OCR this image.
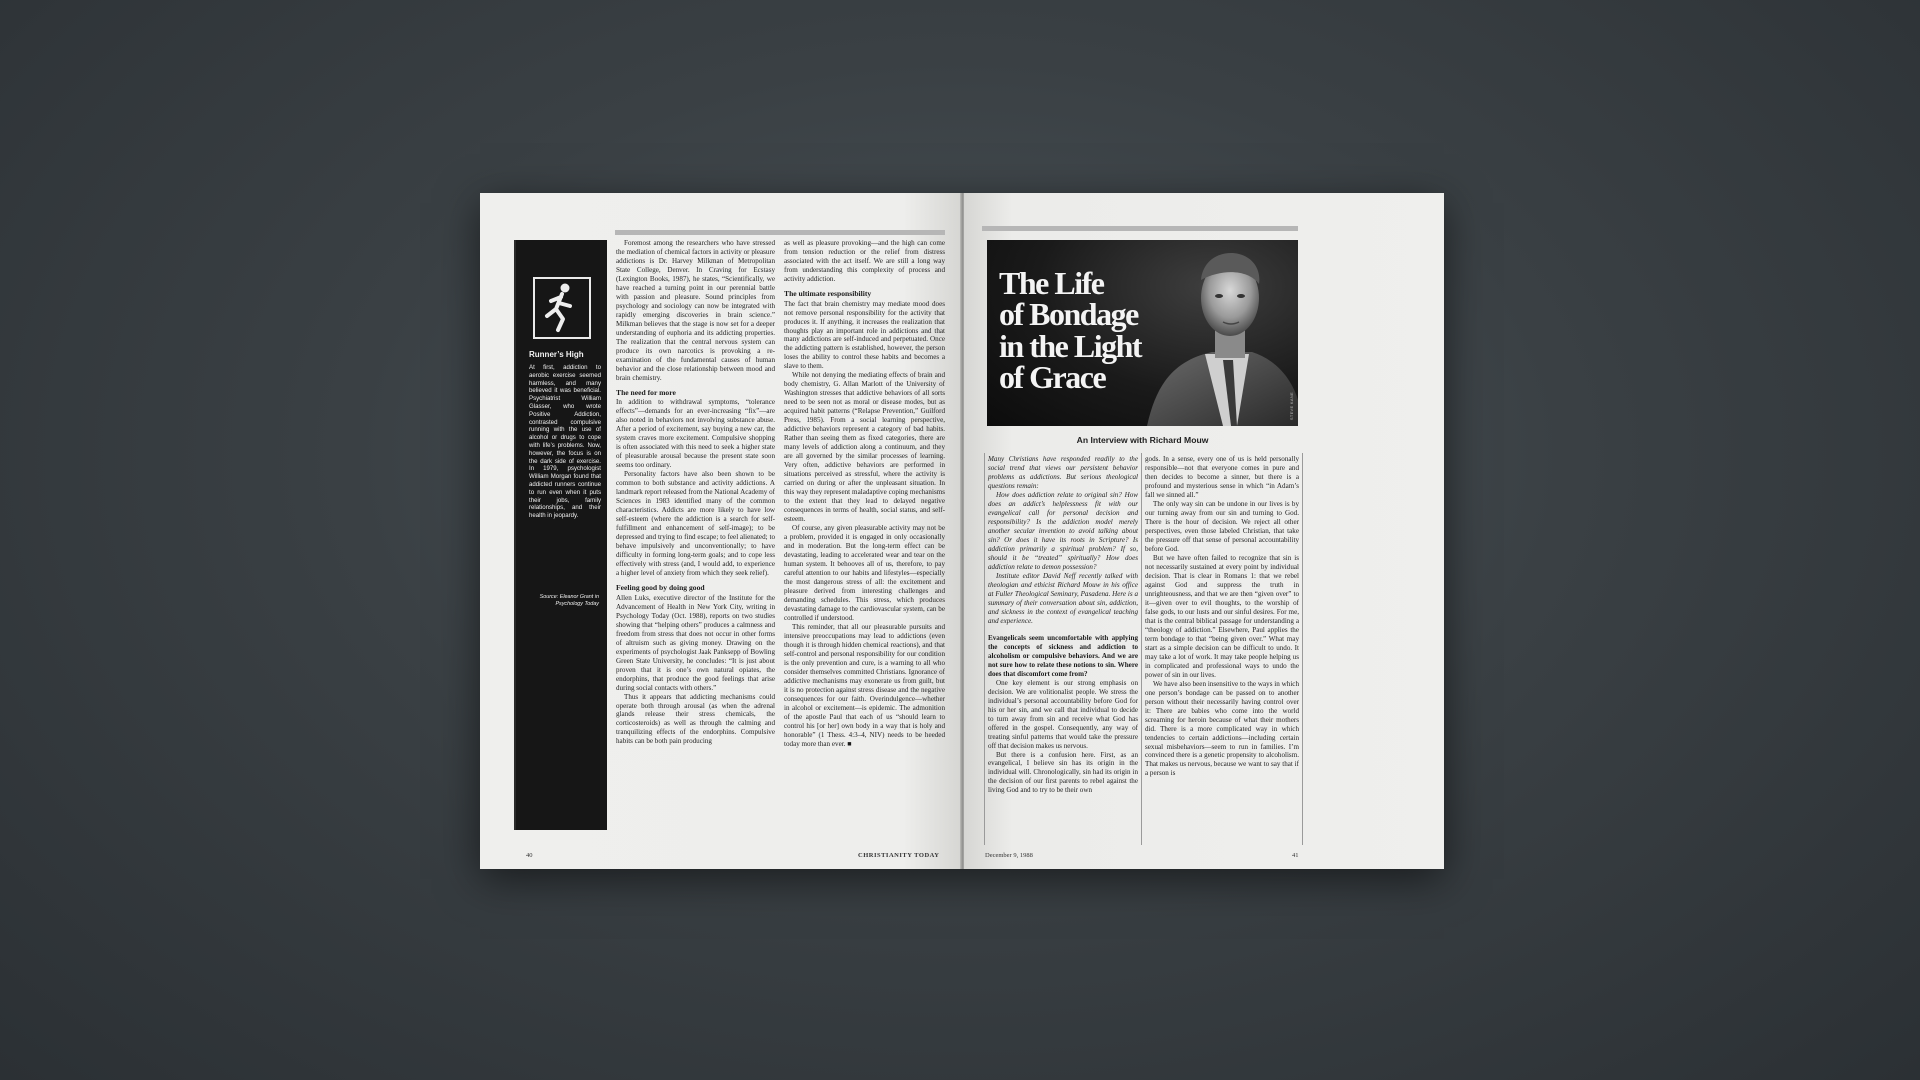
Runner’s High
At first, addiction to aerobic exercise seemed harmless, and many believed it was beneficial. Psychiatrist William Glasser, who wrote Positive Addiction, contrasted compulsive running with the use of alcohol or drugs to cope with life’s problems. Now, however, the focus is on the dark side of exercise. In 1979, psychologist William Morgan found that addicted runners continue to run even when it puts their jobs, family relationships, and their health in jeopardy.
Source: Eleanor Grant in Psychology Today

Foremost among the researchers who have stressed the mediation of chemical factors in activity or pleasure addictions is Dr. Harvey Milkman of Metropolitan State College, Denver. In Craving for Ecstasy (Lexington Books, 1987), he states, “Scientifically, we have reached a turning point in our perennial battle with passion and pleasure. Sound principles from psychology and sociology can now be integrated with rapidly emerging discoveries in brain science.” Milkman believes that the stage is now set for a deeper understanding of euphoria and its addicting properties. The realization that the central nervous system can produce its own narcotics is provoking a re-examination of the fundamental causes of human behavior and the close relationship between mood and brain chemistry.

The need for more

In addition to withdrawal symptoms, “tolerance effects”—demands for an ever-increasing “fix”—are also noted in behaviors not involving substance abuse. After a period of excitement, say buying a new car, the system craves more excitement. Compulsive shopping is often associated with this need to seek a higher state of pleasurable arousal because the present state soon seems too ordinary.

Personality factors have also been shown to be common to both substance and activity addictions. A landmark report released from the National Academy of Sciences in 1983 identified many of the common characteristics. Addicts are more likely to have low self-esteem (where the addiction is a search for self-fulfillment and enhancement of self-image); to be depressed and trying to find escape; to feel alienated; to behave impulsively and unconventionally; to have difficulty in forming long-term goals; and to cope less effectively with stress (and, I would add, to experience a higher level of anxiety from which they seek relief).

Feeling good by doing good

Allen Luks, executive director of the Institute for the Advancement of Health in New York City, writing in Psychology Today (Oct. 1988), reports on two studies showing that “helping others” produces a calmness and freedom from stress that does not occur in other forms of altruism such as giving money. Drawing on the experiments of psychologist Jaak Panksepp of Bowling Green State University, he concludes: “It is just about proven that it is one’s own natural opiates, the endorphins, that produce the good feelings that arise during social contacts with others.”

Thus it appears that addicting mechanisms could operate both through arousal (as when the adrenal glands release their stress chemicals, the corticosteroids) as well as through the calming and tranquilizing effects of the endorphins. Compulsive habits can be both pain producing

as well as pleasure provoking—and the high can come from tension reduction or the relief from distress associated with the act itself. We are still a long way from understanding this complexity of process and activity addiction.

The ultimate responsibility

The fact that brain chemistry may mediate mood does not remove personal responsibility for the activity that produces it. If anything, it increases the realization that thoughts play an important role in addictions and that many addictions are self-induced and perpetuated. Once the addicting pattern is established, however, the person loses the ability to control these habits and becomes a slave to them.

While not denying the mediating effects of brain and body chemistry, G. Allan Marlott of the University of Washington stresses that addictive behaviors of all sorts need to be seen not as moral or disease modes, but as acquired habit patterns (“Relapse Prevention,” Guilford Press, 1985). From a social learning perspective, addictive behaviors represent a category of bad habits. Rather than seeing them as fixed categories, there are many levels of addiction along a continuum, and they are all governed by the similar processes of learning. Very often, addictive behaviors are performed in situations perceived as stressful, where the activity is carried on during or after the unpleasant situation. In this way they represent maladaptive coping mechanisms to the extent that they lead to delayed negative consequences in terms of health, social status, and self-esteem.

Of course, any given pleasurable activity may not be a problem, provided it is engaged in only occasionally and in moderation. But the long-term effect can be devastating, leading to accelerated wear and tear on the human system. It behooves all of us, therefore, to pay careful attention to our habits and lifestyles—especially the most dangerous stress of all: the excitement and pleasure derived from interesting challenges and demanding schedules. This stress, which produces devastating damage to the cardiovascular system, can be controlled if understood.

This reminder, that all our pleasurable pursuits and intensive preoccupations may lead to addictions (even though it is through hidden chemical reactions), and that self-control and personal responsibility for our condition is the only prevention and cure, is a warning to all who consider themselves committed Christians. Ignorance of addictive mechanisms may exonerate us from guilt, but it is no protection against stress disease and the negative consequences for our faith. Overindulgence—whether in alcohol or excitement—is epidemic. The admonition of the apostle Paul that each of us “should learn to control his [or her] own body in a way that is holy and honorable” (1 Thess. 4:3–4, NIV) needs to be heeded today more than ever. ■

40	CHRISTIANITY TODAY
The Life
of Bondage
in the Light
of Grace
STEVE KANE
An Interview with Richard Mouw

Many Christians have responded readily to the social trend that views our persistent behavior problems as addictions. But serious theological questions remain:

How does addiction relate to original sin? How does an addict’s helplessness fit with our evangelical call for personal decision and responsibility? Is the addiction model merely another secular invention to avoid talking about sin? Or does it have its roots in Scripture? Is addiction primarily a spiritual problem? If so, should it be “treated” spiritually? How does addiction relate to demon possession?

Institute editor David Neff recently talked with theologian and ethicist Richard Mouw in his office at Fuller Theological Seminary, Pasadena. Here is a summary of their conversation about sin, addiction, and sickness in the context of evangelical teaching and experience.

Evangelicals seem uncomfortable with applying the concepts of sickness and addiction to alcoholism or compulsive behaviors. And we are not sure how to relate these notions to sin. Where does that discomfort come from?

One key element is our strong emphasis on decision. We are volitionalist people. We stress the individual’s personal accountability before God for his or her sin, and we call that individual to decide to turn away from sin and receive what God has offered in the gospel. Consequently, any way of treating sinful patterns that would take the pressure off that decision makes us nervous.

But there is a confusion here. First, as an evangelical, I believe sin has its origin in the individual will. Chronologically, sin had its origin in the decision of our first parents to rebel against the living God and to try to be their own

gods. In a sense, every one of us is held personally responsible—not that everyone comes in pure and then decides to become a sinner, but there is a profound and mysterious sense in which “in Adam’s fall we sinned all.”

The only way sin can be undone in our lives is by our turning away from our sin and turning to God. There is the hour of decision. We reject all other perspectives, even those labeled Christian, that take the pressure off that sense of personal accountability before God.

But we have often failed to recognize that sin is not necessarily sustained at every point by individual decision. That is clear in Romans 1: that we rebel against God and suppress the truth in unrighteousness, and that we are then “given over” to it—given over to evil thoughts, to the worship of false gods, to our lusts and our sinful desires. For me, that is the central biblical passage for understanding a “theology of addiction.” Elsewhere, Paul applies the term bondage to that “being given over.” What may start as a simple decision can be difficult to undo. It may take a lot of work. It may take people helping us in complicated and professional ways to undo the power of sin in our lives.

We have also been insensitive to the ways in which one person’s bondage can be passed on to another person without their necessarily having control over it: There are babies who come into the world screaming for heroin because of what their mothers did. There is a more complicated way in which tendencies to certain addictions—including certain sexual misbehaviors—seem to run in families. I’m convinced there is a genetic propensity to alcoholism. That makes us nervous, because we want to say that if a person is

December 9, 1988	41
